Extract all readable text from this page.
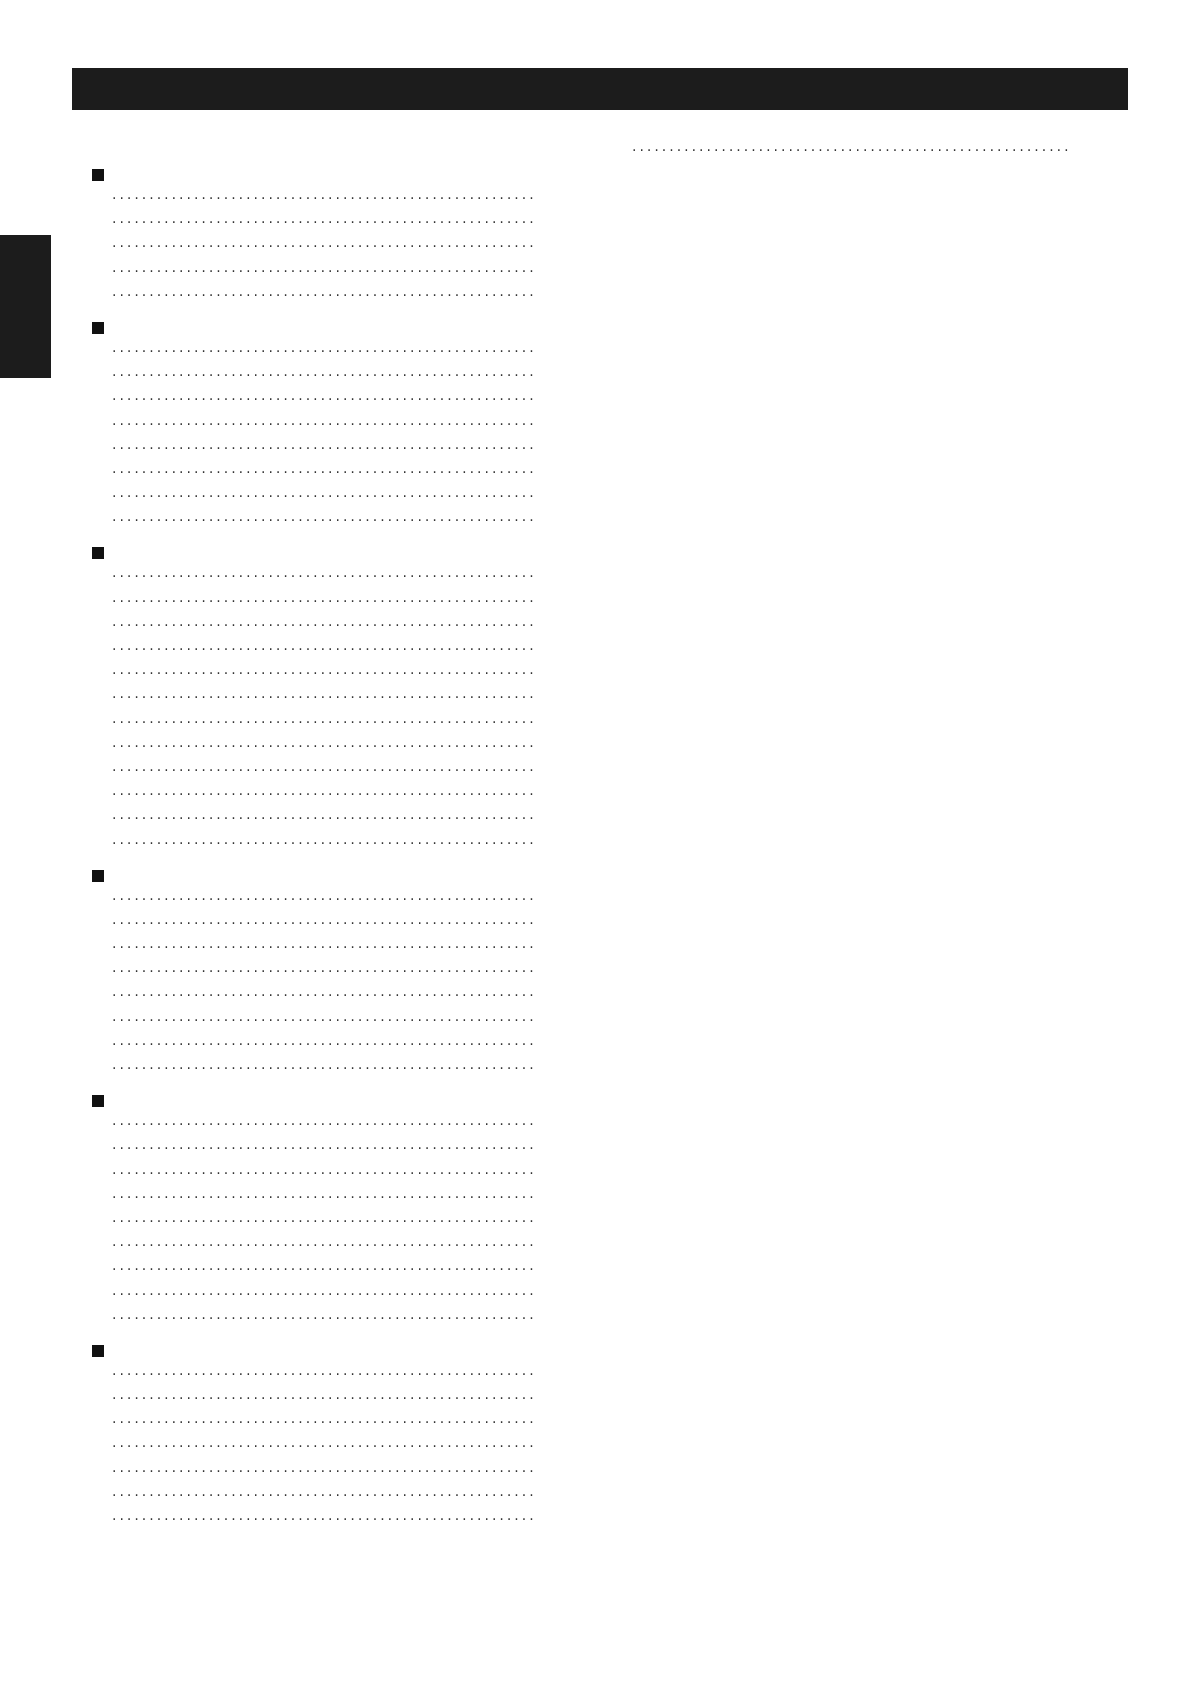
·····
·····
·····
·····
·····
·····
·····
·····
·····
·····
·····
·····
·····
·····
·····
·····
·····
·····
·····
·····
·····
·····
·····
·····
·····
·····
·····
·····
·····
·····
·····
·····
·····
·····
·····
·····
·····
·····
·····
·····
·····
·····
·····
·····
·····
·····
·····
·····
·····
·····
